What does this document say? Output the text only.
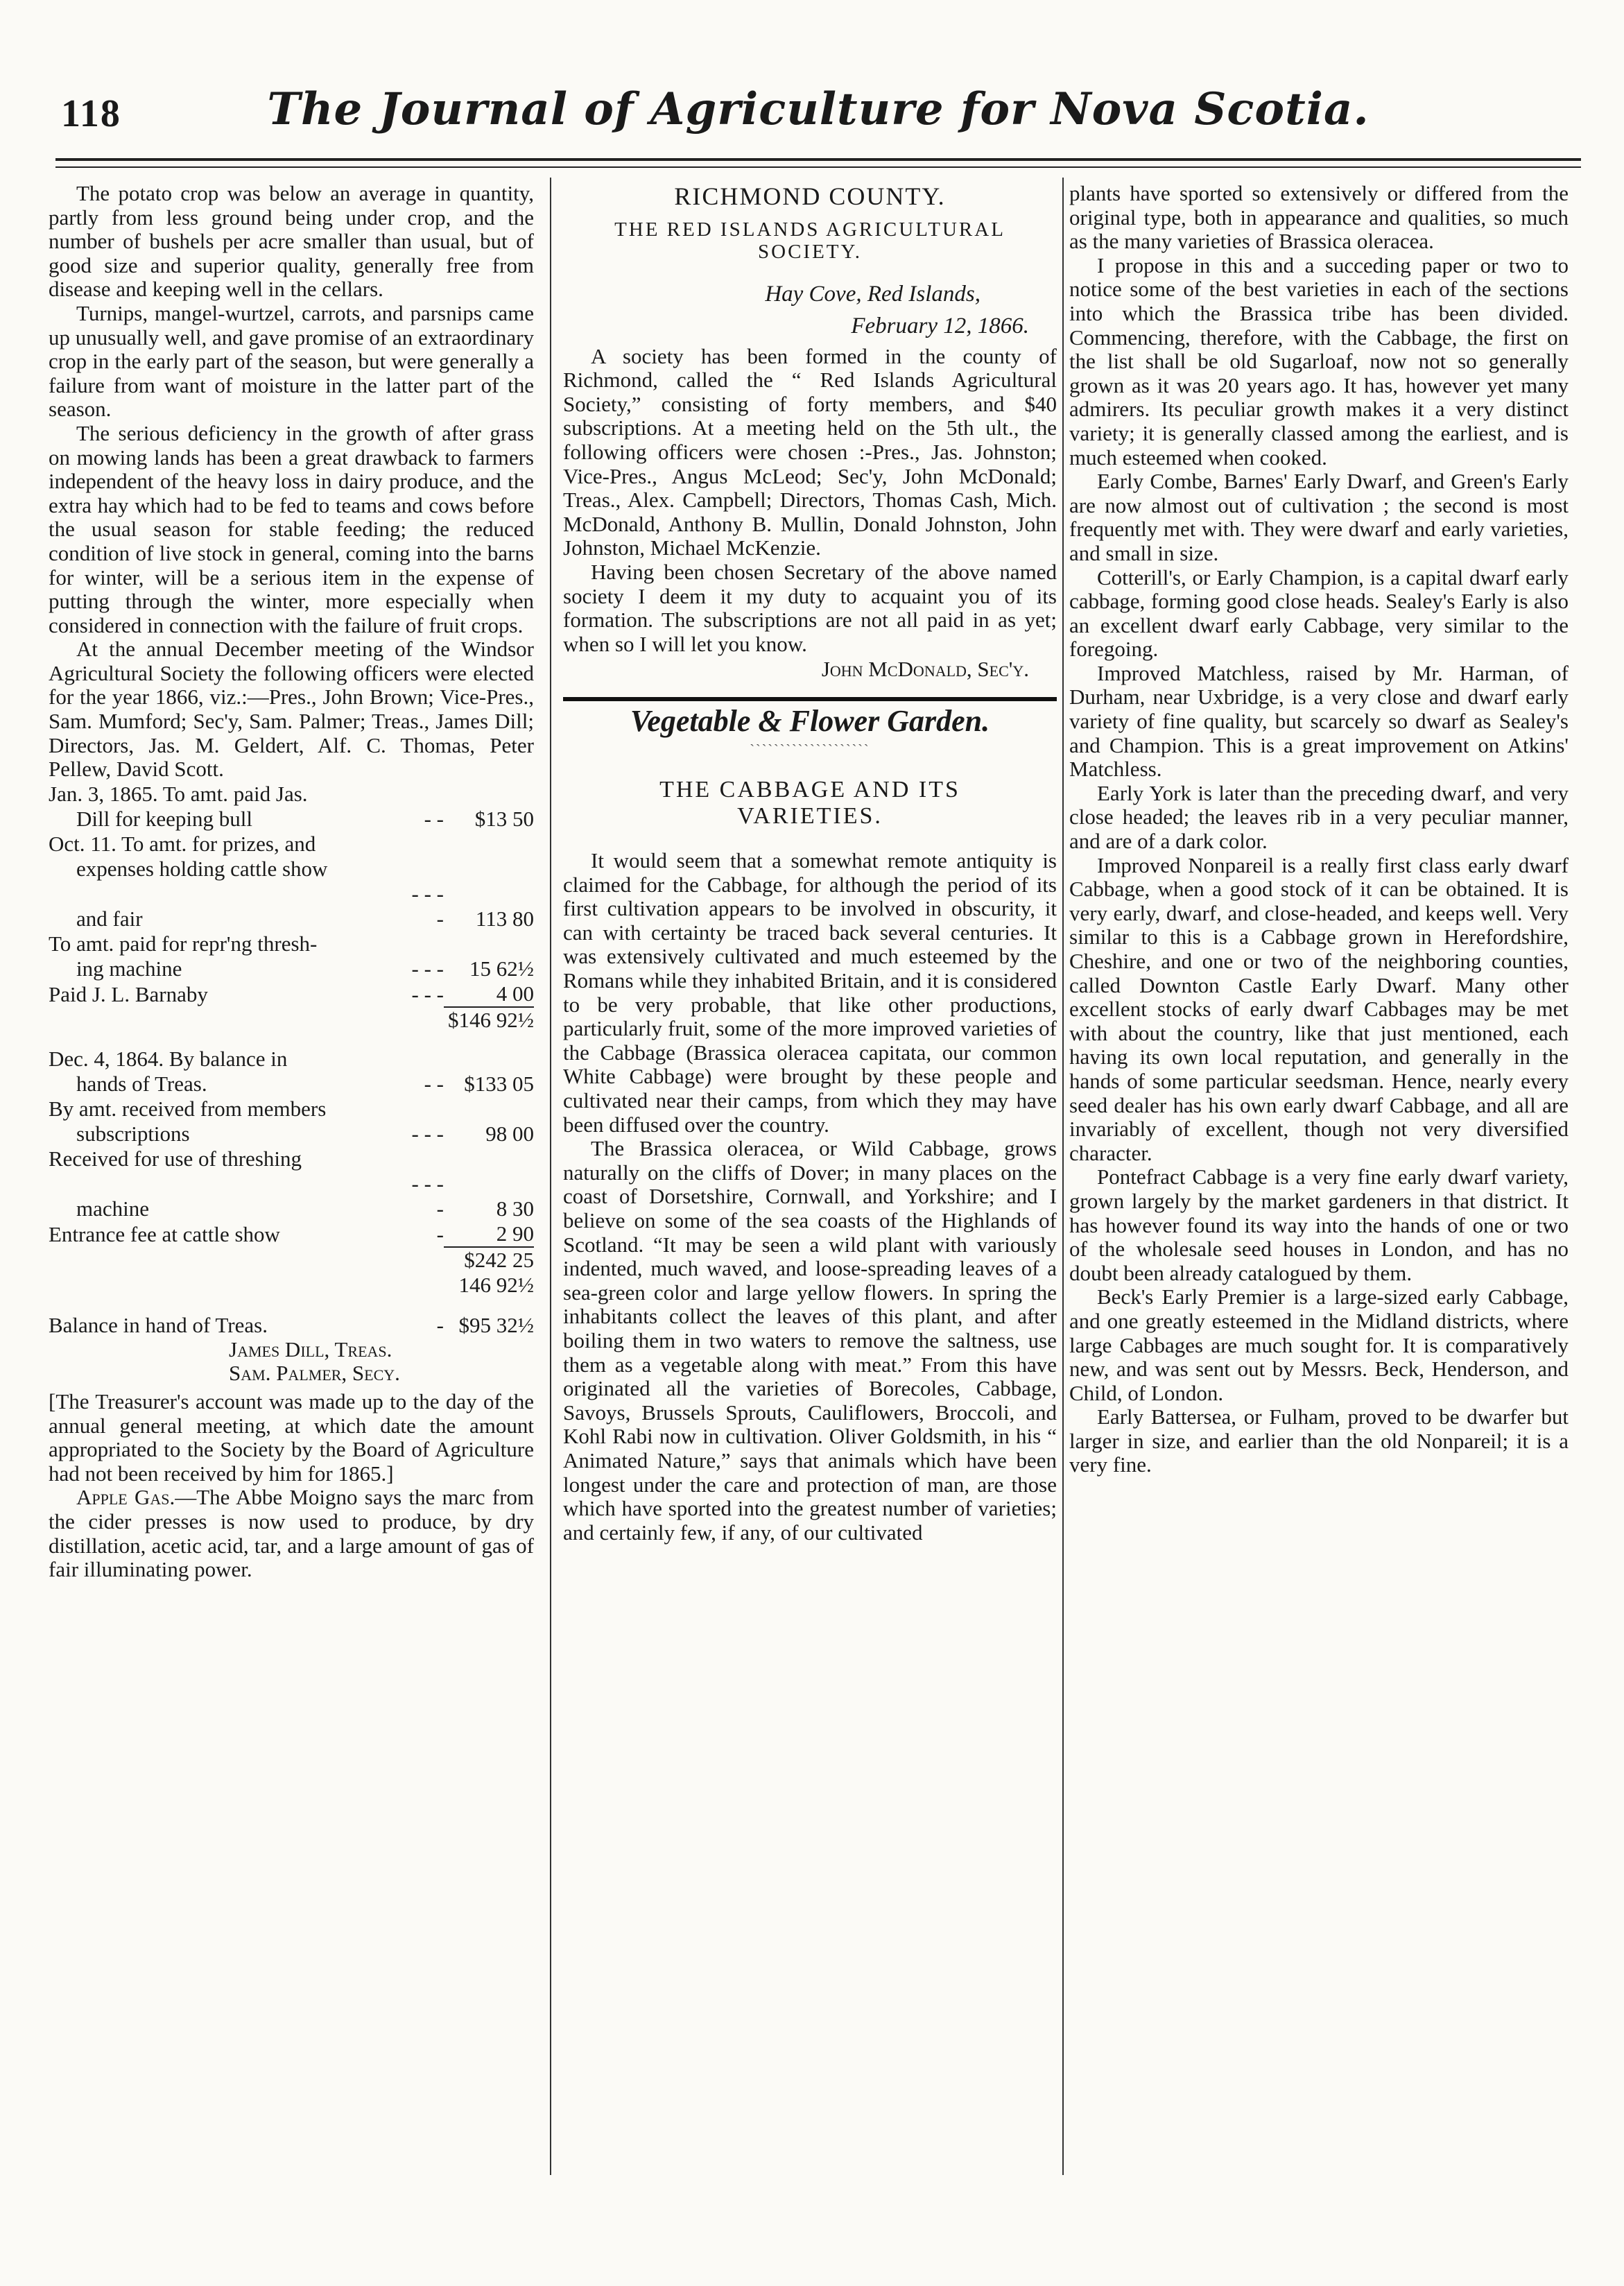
118	The Journal of Agriculture for Nova Scotia.

The potato crop was below an average in quantity, partly from less ground being under crop, and the number of bushels per acre smaller than usual, but of good size and superior quality, generally free from disease and keeping well in the cellars.

Turnips, mangel-wurtzel, carrots, and parsnips came up unusually well, and gave promise of an extraordinary crop in the early part of the season, but were generally a failure from want of moisture in the latter part of the season.

The serious deficiency in the growth of after grass on mowing lands has been a great drawback to farmers independent of the heavy loss in dairy produce, and the extra hay which had to be fed to teams and cows before the usual season for stable feeding; the reduced condition of live stock in general, coming into the barns for winter, will be a serious item in the expense of putting through the winter, more especially when considered in connection with the failure of fruit crops.

At the annual December meeting of the Windsor Agricultural Society the following officers were elected for the year 1866, viz.:—Pres., John Brown; Vice-Pres., Sam. Mumford; Sec'y, Sam. Palmer; Treas., James Dill; Directors, Jas. M. Geldert, Alf. C. Thomas, Peter Pellew, David Scott.

Jan. 3, 1865. To amt. paid Jas.		
Dill for keeping bull	- -	$13 50
Oct. 11. To amt. for prizes, and		
expenses holding cattle show		
and fair	- - - -	113 80
To amt. paid for repr'ng thresh-		
ing machine	- - -	15 62½
Paid J. L. Barnaby	- - -	4 00
		$146 92½
Dec. 4, 1864. By balance in		
hands of Treas.	- -	$133 05
By amt. received from members		
subscriptions	- - -	98 00
Received for use of threshing		
machine	- - - -	8 30
Entrance fee at cattle show	-	2 90
		$242 25
		146 92½

Balance in hand of Treas.	-	$95 32½
James Dill, Treas.
Sam. Palmer, Secy.

[The Treasurer's account was made up to the day of the annual general meeting, at which date the amount appropriated to the Society by the Board of Agriculture had not been received by him for 1865.]

Apple Gas.—The Abbe Moigno says the marc from the cider presses is now used to produce, by dry distillation, acetic acid, tar, and a large amount of gas of fair illuminating power.

RICHMOND COUNTY.
THE RED ISLANDS AGRICULTURAL SOCIETY.
Hay Cove, Red Islands,
February 12, 1866.

A society has been formed in the county of Richmond, called the “ Red Islands Agricultural Society,” consisting of forty members, and $40 subscriptions. At a meeting held on the 5th ult., the following officers were chosen :-Pres., Jas. Johnston; Vice-Pres., Angus McLeod; Sec'y, John McDonald; Treas., Alex. Campbell; Directors, Thomas Cash, Mich. McDonald, Anthony B. Mullin, Donald Johnston, John Johnston, Michael McKenzie.

Having been chosen Secretary of the above named society I deem it my duty to acquaint you of its formation. The subscriptions are not all paid in as yet; when so I will let you know.

John McDonald, Sec'y.
Vegetable & Flower Garden.
ˋˋˋˋˋˋˋˋˋˋˋˋˋˋˋˋˋˋˋˋ
THE CABBAGE AND ITS VARIETIES.

It would seem that a somewhat remote antiquity is claimed for the Cabbage, for although the period of its first cultivation appears to be involved in obscurity, it can with certainty be traced back several centuries. It was extensively cultivated and much esteemed by the Romans while they inhabited Britain, and it is considered to be very probable, that like other productions, particularly fruit, some of the more improved varieties of the Cabbage (Brassica oleracea capitata, our common White Cabbage) were brought by these people and cultivated near their camps, from which they may have been diffused over the country.

The Brassica oleracea, or Wild Cabbage, grows naturally on the cliffs of Dover; in many places on the coast of Dorsetshire, Cornwall, and Yorkshire; and I believe on some of the sea coasts of the Highlands of Scotland. “It may be seen a wild plant with variously indented, much waved, and loose-spreading leaves of a sea-green color and large yellow flowers. In spring the inhabitants collect the leaves of this plant, and after boiling them in two waters to remove the saltness, use them as a vegetable along with meat.” From this have originated all the varieties of Borecoles, Cabbage, Savoys, Brussels Sprouts, Cauliflowers, Broccoli, and Kohl Rabi now in cultivation. Oliver Goldsmith, in his “ Animated Nature,” says that animals which have been longest under the care and protection of man, are those which have sported into the greatest number of varieties; and certainly few, if any, of our cultivated

plants have sported so extensively or differed from the original type, both in appearance and qualities, so much as the many varieties of Brassica oleracea.

I propose in this and a succeding paper or two to notice some of the best varieties in each of the sections into which the Brassica tribe has been divided. Commencing, therefore, with the Cabbage, the first on the list shall be old Sugarloaf, now not so generally grown as it was 20 years ago. It has, however yet many admirers. Its peculiar growth makes it a very distinct variety; it is generally classed among the earliest, and is much esteemed when cooked.

Early Combe, Barnes' Early Dwarf, and Green's Early are now almost out of cultivation ; the second is most frequently met with. They were dwarf and early varieties, and small in size.

Cotterill's, or Early Champion, is a capital dwarf early cabbage, forming good close heads. Sealey's Early is also an excellent dwarf early Cabbage, very similar to the foregoing.

Improved Matchless, raised by Mr. Harman, of Durham, near Uxbridge, is a very close and dwarf early variety of fine quality, but scarcely so dwarf as Sealey's and Champion. This is a great improvement on Atkins' Matchless.

Early York is later than the preceding dwarf, and very close headed; the leaves rib in a very peculiar manner, and are of a dark color.

Improved Nonpareil is a really first class early dwarf Cabbage, when a good stock of it can be obtained. It is very early, dwarf, and close-headed, and keeps well. Very similar to this is a Cabbage grown in Herefordshire, Cheshire, and one or two of the neighboring counties, called Downton Castle Early Dwarf. Many other excellent stocks of early dwarf Cabbages may be met with about the country, like that just mentioned, each having its own local reputation, and generally in the hands of some particular seedsman. Hence, nearly every seed dealer has his own early dwarf Cabbage, and all are invariably of excellent, though not very diversified character.

Pontefract Cabbage is a very fine early dwarf variety, grown largely by the market gardeners in that district. It has however found its way into the hands of one or two of the wholesale seed houses in London, and has no doubt been already catalogued by them.

Beck's Early Premier is a large-sized early Cabbage, and one greatly esteemed in the Midland districts, where large Cabbages are much sought for. It is comparatively new, and was sent out by Messrs. Beck, Henderson, and Child, of London.

Early Battersea, or Fulham, proved to be dwarfer but larger in size, and earlier than the old Nonpareil; it is a very fine.
